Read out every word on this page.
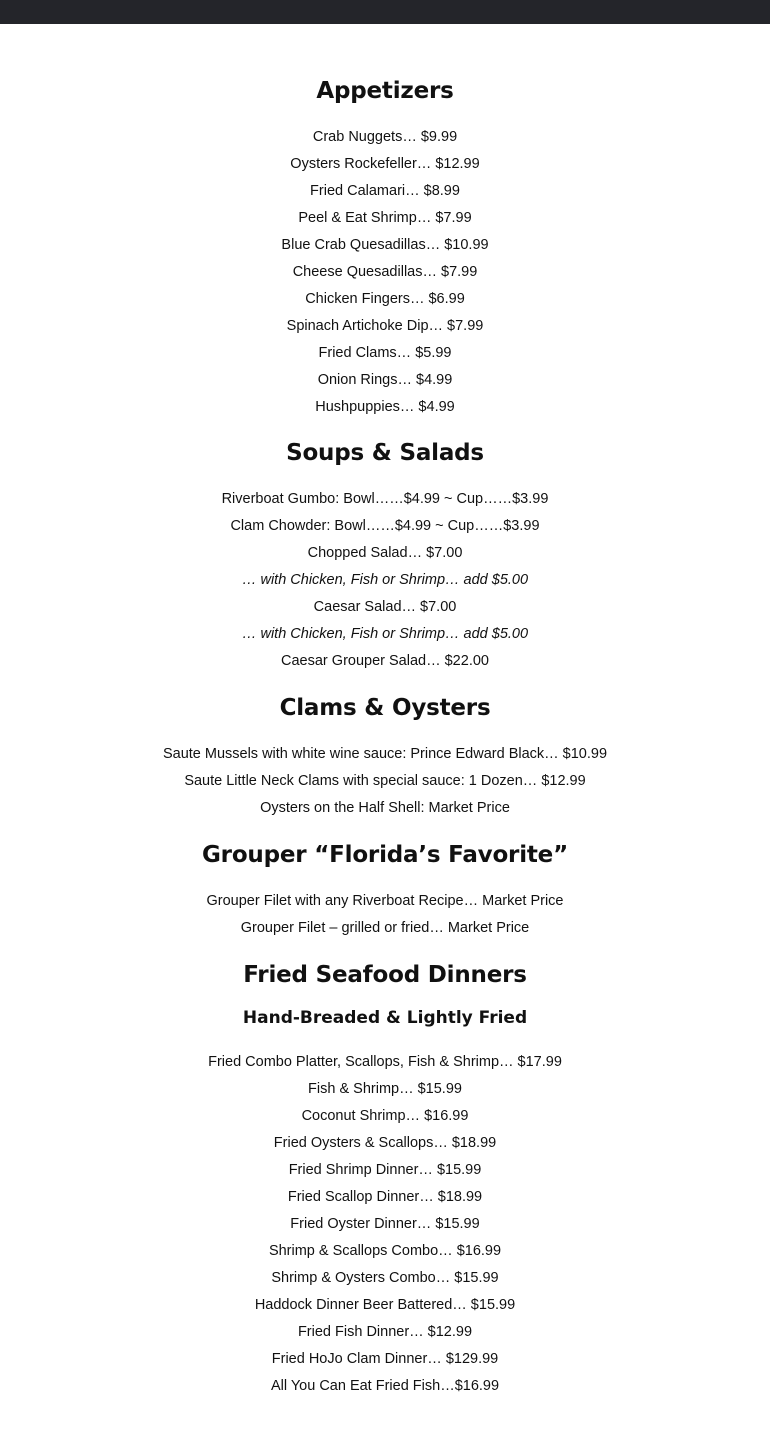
Appetizers
Crab Nuggets… $9.99
Oysters Rockefeller… $12.99
Fried Calamari… $8.99
Peel & Eat Shrimp… $7.99
Blue Crab Quesadillas… $10.99
Cheese Quesadillas… $7.99
Chicken Fingers… $6.99
Spinach Artichoke Dip… $7.99
Fried Clams… $5.99
Onion Rings… $4.99
Hushpuppies… $4.99
Soups & Salads
Riverboat Gumbo: Bowl……$4.99 ~ Cup……$3.99
Clam Chowder: Bowl……$4.99 ~ Cup……$3.99
Chopped Salad… $7.00
… with Chicken, Fish or Shrimp… add $5.00
Caesar Salad… $7.00
… with Chicken, Fish or Shrimp… add $5.00
Caesar Grouper Salad… $22.00
Clams & Oysters
Saute Mussels with white wine sauce: Prince Edward Black… $10.99
Saute Little Neck Clams with special sauce: 1 Dozen… $12.99
Oysters on the Half Shell: Market Price
Grouper “Florida’s Favorite”
Grouper Filet with any Riverboat Recipe… Market Price
Grouper Filet – grilled or fried… Market Price
Fried Seafood Dinners
Hand-Breaded & Lightly Fried
Fried Combo Platter, Scallops, Fish & Shrimp… $17.99
Fish & Shrimp… $15.99
Coconut Shrimp… $16.99
Fried Oysters & Scallops… $18.99
Fried Shrimp Dinner… $15.99
Fried Scallop Dinner… $18.99
Fried Oyster Dinner… $15.99
Shrimp & Scallops Combo… $16.99
Shrimp & Oysters Combo… $15.99
Haddock Dinner Beer Battered… $15.99
Fried Fish Dinner… $12.99
Fried HoJo Clam Dinner… $129.99
All You Can Eat Fried Fish…$16.99
